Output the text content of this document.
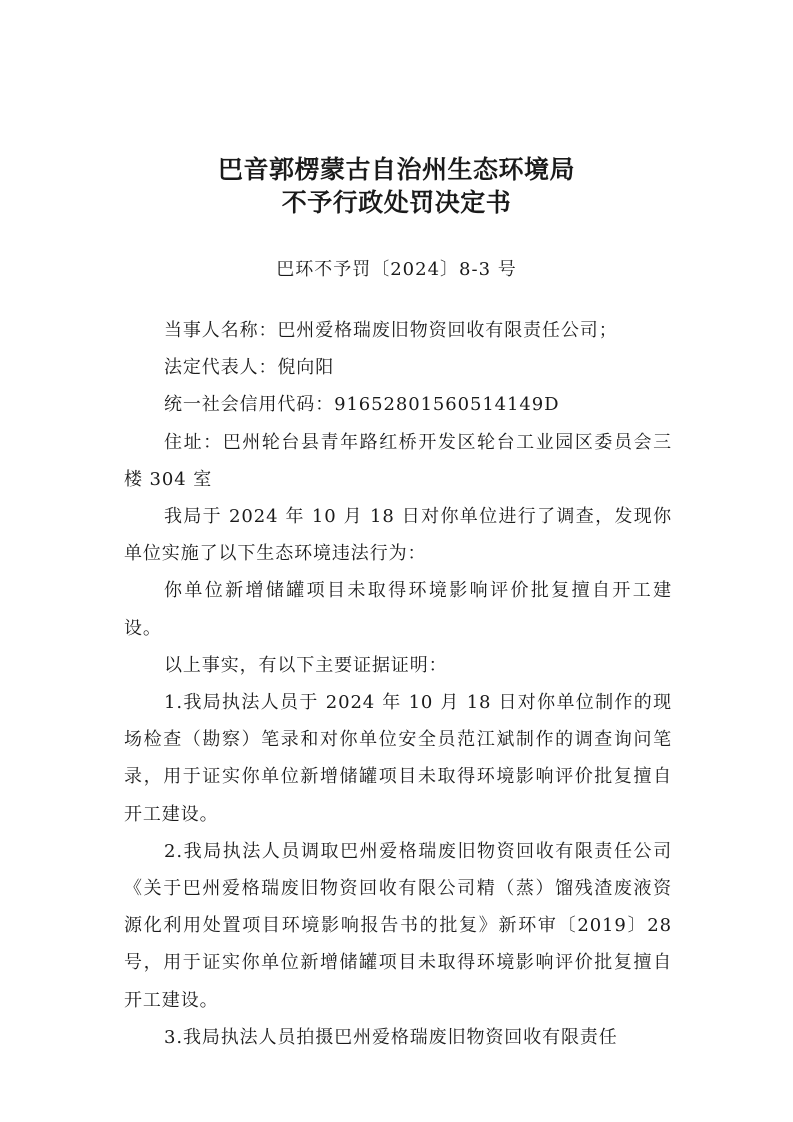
巴音郭楞蒙古自治州生态环境局
不予行政处罚决定书
巴环不予罚〔2024〕8-3 号

当事人名称：巴州爱格瑞废旧物资回收有限责任公司；

法定代表人：倪向阳

统一社会信用代码：91652801560514149D

住址：巴州轮台县青年路红桥开发区轮台工业园区委员会三楼 304 室

我局于 2024 年 10 月 18 日对你单位进行了调查，发现你单位实施了以下生态环境违法行为：

你单位新增储罐项目未取得环境影响评价批复擅自开工建设。

以上事实，有以下主要证据证明：

1.我局执法人员于 2024 年 10 月 18 日对你单位制作的现场检查（勘察）笔录和对你单位安全员范江斌制作的调查询问笔录，用于证实你单位新增储罐项目未取得环境影响评价批复擅自开工建设。

2.我局执法人员调取巴州爱格瑞废旧物资回收有限责任公司《关于巴州爱格瑞废旧物资回收有限公司精（蒸）馏残渣废液资源化利用处置项目环境影响报告书的批复》新环审〔2019〕28 号，用于证实你单位新增储罐项目未取得环境影响评价批复擅自开工建设。

3.我局执法人员拍摄巴州爱格瑞废旧物资回收有限责任
